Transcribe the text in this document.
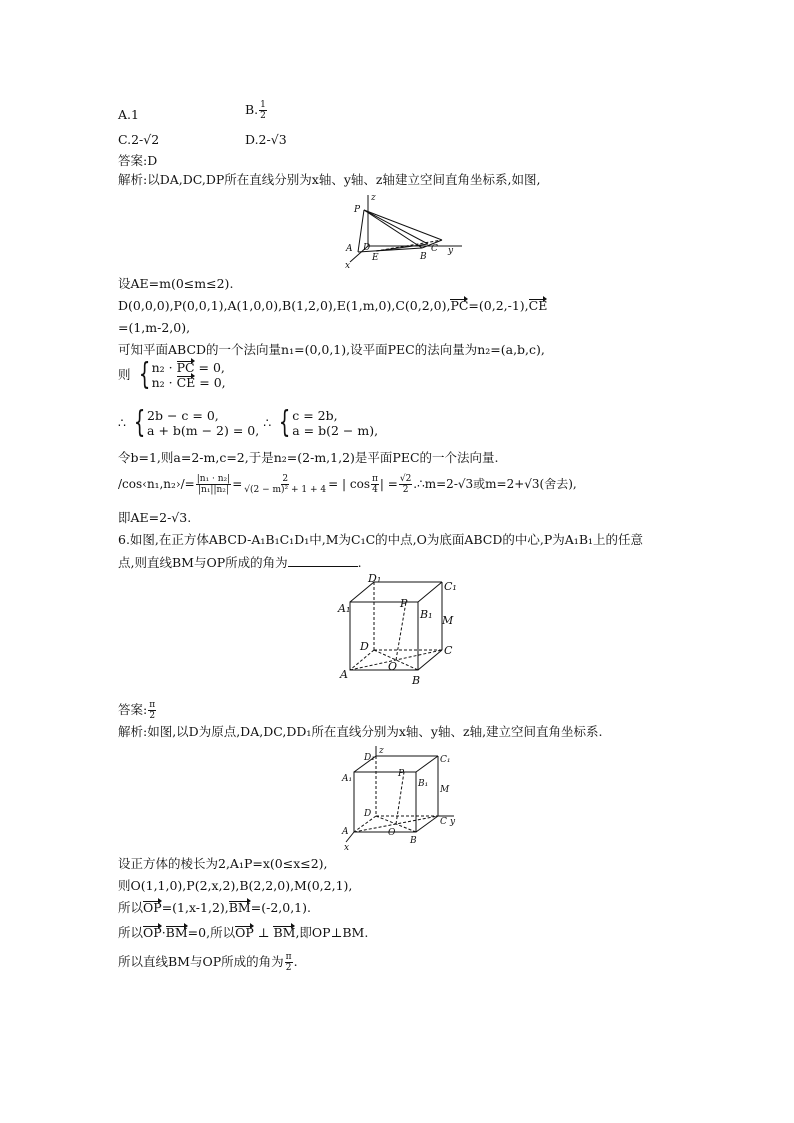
A.1	B. $\frac{1}{2}$
C.2-√2	D.2-√3
答案:D
解析:以DA,DC,DP所在直线分别为x轴、y轴、z轴建立空间直角坐标系,如图,
P
z
A D
E	B
C y
x
设AE=m(0≤m≤2).
D(0,0,0),P(0,0,1),A(1,0,0),B(1,2,0),E(1,m,0),C(0,2,0),PC=(0,2,-1),CE
=(1,m-2,0),
可知平面ABCD的一个法向量n₁=(0,0,1),设平面PEC的法向量为n₂=(a,b,c),
则 { n₂ · PC = 0,
n₂ · CE = 0,
∴ { 2b − c = 0,
a + b(m − 2) = 0,
∴ { c = 2b,
a = b(2 − m),
令b=1,则a=2-m,c=2,于是n₂=(2-m,1,2)是平面PEC的一个法向量.
/cos‹n₁,n₂›/= $\frac{\text{|n₁ · n₂|}}{\text{|n₁||n₂|}} = \frac{2}{\text{√(2 − m)² + 1 + 4}}$ = | $\cos \frac{\pi}{4}$ | = $\frac{√2}{2}$ .∴m=2-√3或m=2+√3(舍去),
即AE=2-√3.
6.如图,在正方体ABCD-A₁B₁C₁D₁中,M为C₁C的中点,O为底面ABCD的中心,P为A₁B₁上的任意
点,则直线BM与OP所成的角为	.
D₁
C₁
A₁	P
B₁ M
D	C
O
A	B
答案: $\frac{\pi}{2}$
解析:如图,以D为原点,DA,DC,DD₁所在直线分别为x轴、y轴、z轴,建立空间直角坐标系.
z
D₁	C₁
A₁	P
B₁
M
D
C y
O
A
B
x
设正方体的棱长为2,A₁P=x(0≤x≤2),
则O(1,1,0),P(2,x,2),B(2,2,0),M(0,2,1),
所以OP=(1,x-1,2),BM=(-2,0,1).
所以OP·BM=0,所以OP ⊥ BM,即OP⊥BM.
所以直线BM与OP所成的角为 $\frac{\pi}{2}$ .
